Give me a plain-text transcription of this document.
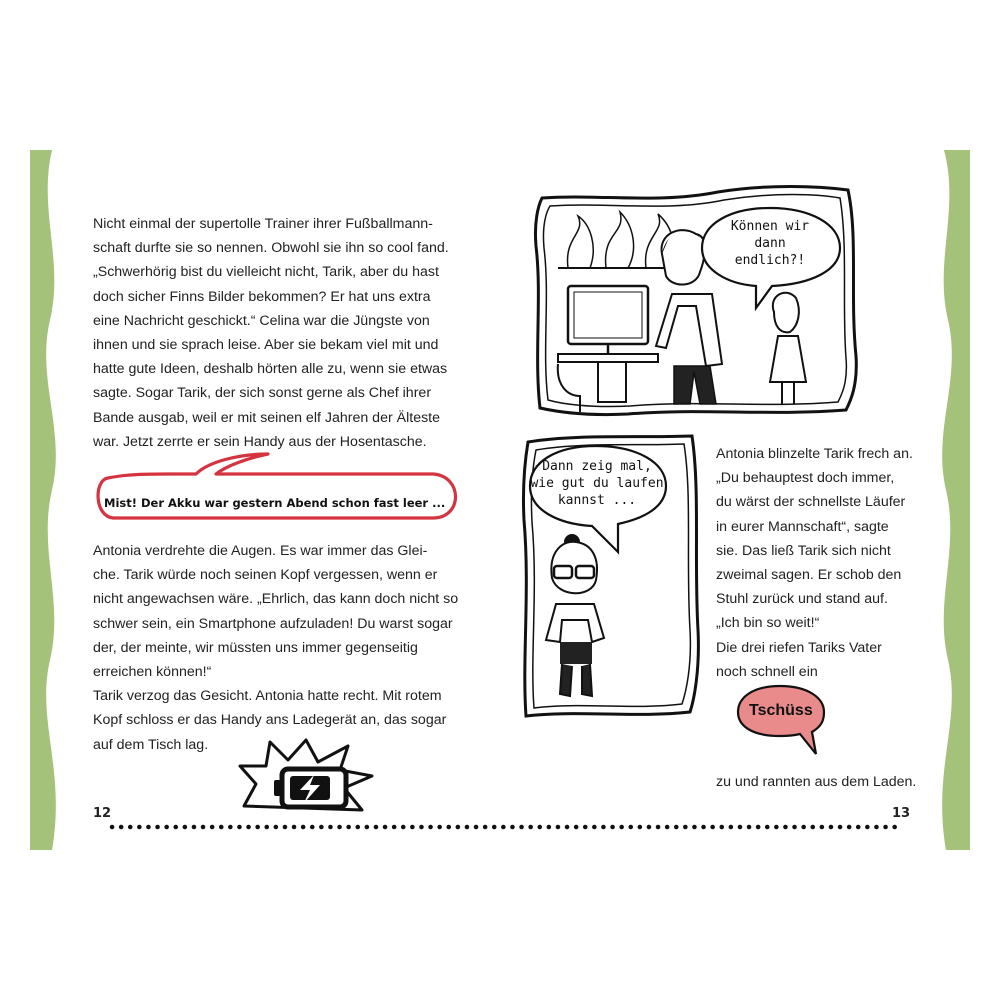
Nicht einmal der supertolle Trainer ihrer Fußballmann-
schaft durfte sie so nennen. Obwohl sie ihn so cool fand.
„Schwerhörig bist du vielleicht nicht, Tarik, aber du hast
doch sicher Finns Bilder bekommen? Er hat uns extra
eine Nachricht geschickt.“ Celina war die Jüngste von
ihnen und sie sprach leise. Aber sie bekam viel mit und
hatte gute Ideen, deshalb hörten alle zu, wenn sie etwas
sagte. Sogar Tarik, der sich sonst gerne als Chef ihrer
Bande ausgab, weil er mit seinen elf Jahren der Älteste
war. Jetzt zerrte er sein Handy aus der Hosentasche.
Mist! Der Akku war gestern Abend schon fast leer ...
Antonia verdrehte die Augen. Es war immer das Glei-
che. Tarik würde noch seinen Kopf vergessen, wenn er
nicht angewachsen wäre. „Ehrlich, das kann doch nicht so
schwer sein, ein Smartphone aufzuladen! Du warst sogar
der, der meinte, wir müssten uns immer gegenseitig
erreichen können!“
Tarik verzog das Gesicht. Antonia hatte recht. Mit rotem
Kopf schloss er das Handy ans Ladegerät an, das sogar
auf dem Tisch lag.
Können wir
dann
endlich?!
Dann zeig mal,
wie gut du laufen
kannst ...
Antonia blinzelte Tarik frech an.
„Du behauptest doch immer,
du wärst der schnellste Läufer
in eurer Mannschaft“, sagte
sie. Das ließ Tarik sich nicht
zweimal sagen. Er schob den
Stuhl zurück und stand auf.
„Ich bin so weit!“
Die drei riefen Tariks Vater
noch schnell ein
Tschüss
zu und rannten aus dem Laden.
12	13
